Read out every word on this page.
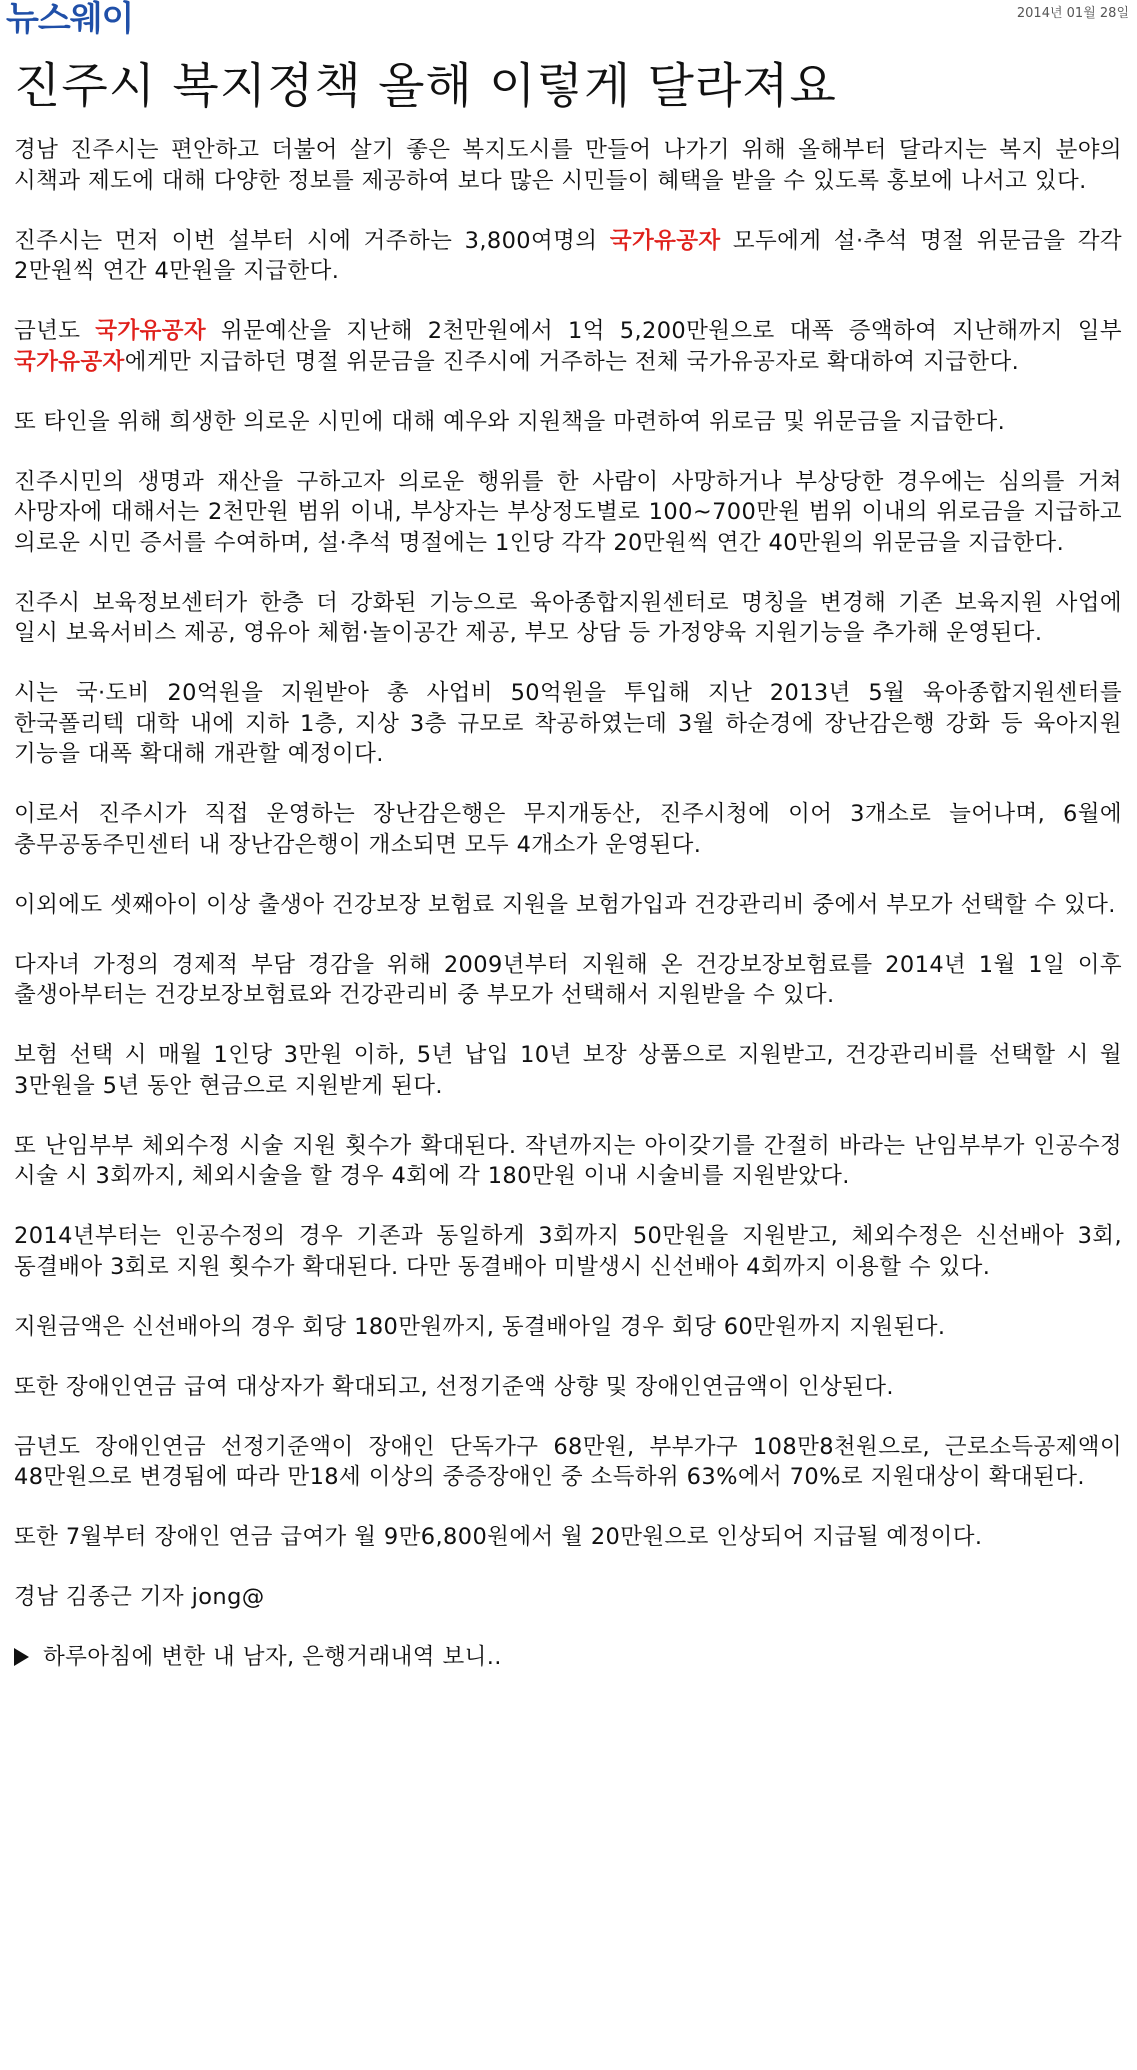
뉴스웨이	2014년 01월 28일
진주시 복지정책 올해 이렇게 달라져요

경남 진주시는 편안하고 더불어 살기 좋은 복지도시를 만들어 나가기 위해 올해부터 달라지는 복지 분야의 시책과 제도에 대해 다양한 정보를 제공하여 보다 많은 시민들이 혜택을 받을 수 있도록 홍보에 나서고 있다.

진주시는 먼저 이번 설부터 시에 거주하는 3,800여명의 국가유공자 모두에게 설·추석 명절 위문금을 각각 2만원씩 연간 4만원을 지급한다.

금년도 국가유공자 위문예산을 지난해 2천만원에서 1억 5,200만원으로 대폭 증액하여 지난해까지 일부 국가유공자에게만 지급하던 명절 위문금을 진주시에 거주하는 전체 국가유공자로 확대하여 지급한다.

또 타인을 위해 희생한 의로운 시민에 대해 예우와 지원책을 마련하여 위로금 및 위문금을 지급한다.

진주시민의 생명과 재산을 구하고자 의로운 행위를 한 사람이 사망하거나 부상당한 경우에는 심의를 거쳐 사망자에 대해서는 2천만원 범위 이내, 부상자는 부상정도별로 100~700만원 범위 이내의 위로금을 지급하고 의로운 시민 증서를 수여하며, 설·추석 명절에는 1인당 각각 20만원씩 연간 40만원의 위문금을 지급한다.

진주시 보육정보센터가 한층 더 강화된 기능으로 육아종합지원센터로 명칭을 변경해 기존 보육지원 사업에 일시 보육서비스 제공, 영유아 체험·놀이공간 제공, 부모 상담 등 가정양육 지원기능을 추가해 운영된다.

시는 국·도비 20억원을 지원받아 총 사업비 50억원을 투입해 지난 2013년 5월 육아종합지원센터를 한국폴리텍 대학 내에 지하 1층, 지상 3층 규모로 착공하였는데 3월 하순경에 장난감은행 강화 등 육아지원 기능을 대폭 확대해 개관할 예정이다.

이로서 진주시가 직접 운영하는 장난감은행은 무지개동산, 진주시청에 이어 3개소로 늘어나며, 6월에 충무공동주민센터 내 장난감은행이 개소되면 모두 4개소가 운영된다.

이외에도 셋째아이 이상 출생아 건강보장 보험료 지원을 보험가입과 건강관리비 중에서 부모가 선택할 수 있다.

다자녀 가정의 경제적 부담 경감을 위해 2009년부터 지원해 온 건강보장보험료를 2014년 1월 1일 이후 출생아부터는 건강보장보험료와 건강관리비 중 부모가 선택해서 지원받을 수 있다.

보험 선택 시 매월 1인당 3만원 이하, 5년 납입 10년 보장 상품으로 지원받고, 건강관리비를 선택할 시 월 3만원을 5년 동안 현금으로 지원받게 된다.

또 난임부부 체외수정 시술 지원 횟수가 확대된다. 작년까지는 아이갖기를 간절히 바라는 난임부부가 인공수정 시술 시 3회까지, 체외시술을 할 경우 4회에 각 180만원 이내 시술비를 지원받았다.

2014년부터는 인공수정의 경우 기존과 동일하게 3회까지 50만원을 지원받고, 체외수정은 신선배아 3회, 동결배아 3회로 지원 횟수가 확대된다. 다만 동결배아 미발생시 신선배아 4회까지 이용할 수 있다.

지원금액은 신선배아의 경우 회당 180만원까지, 동결배아일 경우 회당 60만원까지 지원된다.

또한 장애인연금 급여 대상자가 확대되고, 선정기준액 상향 및 장애인연금액이 인상된다.

금년도 장애인연금 선정기준액이 장애인 단독가구 68만원, 부부가구 108만8천원으로, 근로소득공제액이 48만원으로 변경됨에 따라 만18세 이상의 중증장애인 중 소득하위 63%에서 70%로 지원대상이 확대된다.

또한 7월부터 장애인 연금 급여가 월 9만6,800원에서 월 20만원으로 인상되어 지급될 예정이다.

경남 김종근 기자 jong@

하루아침에 변한 내 남자, 은행거래내역 보니..
